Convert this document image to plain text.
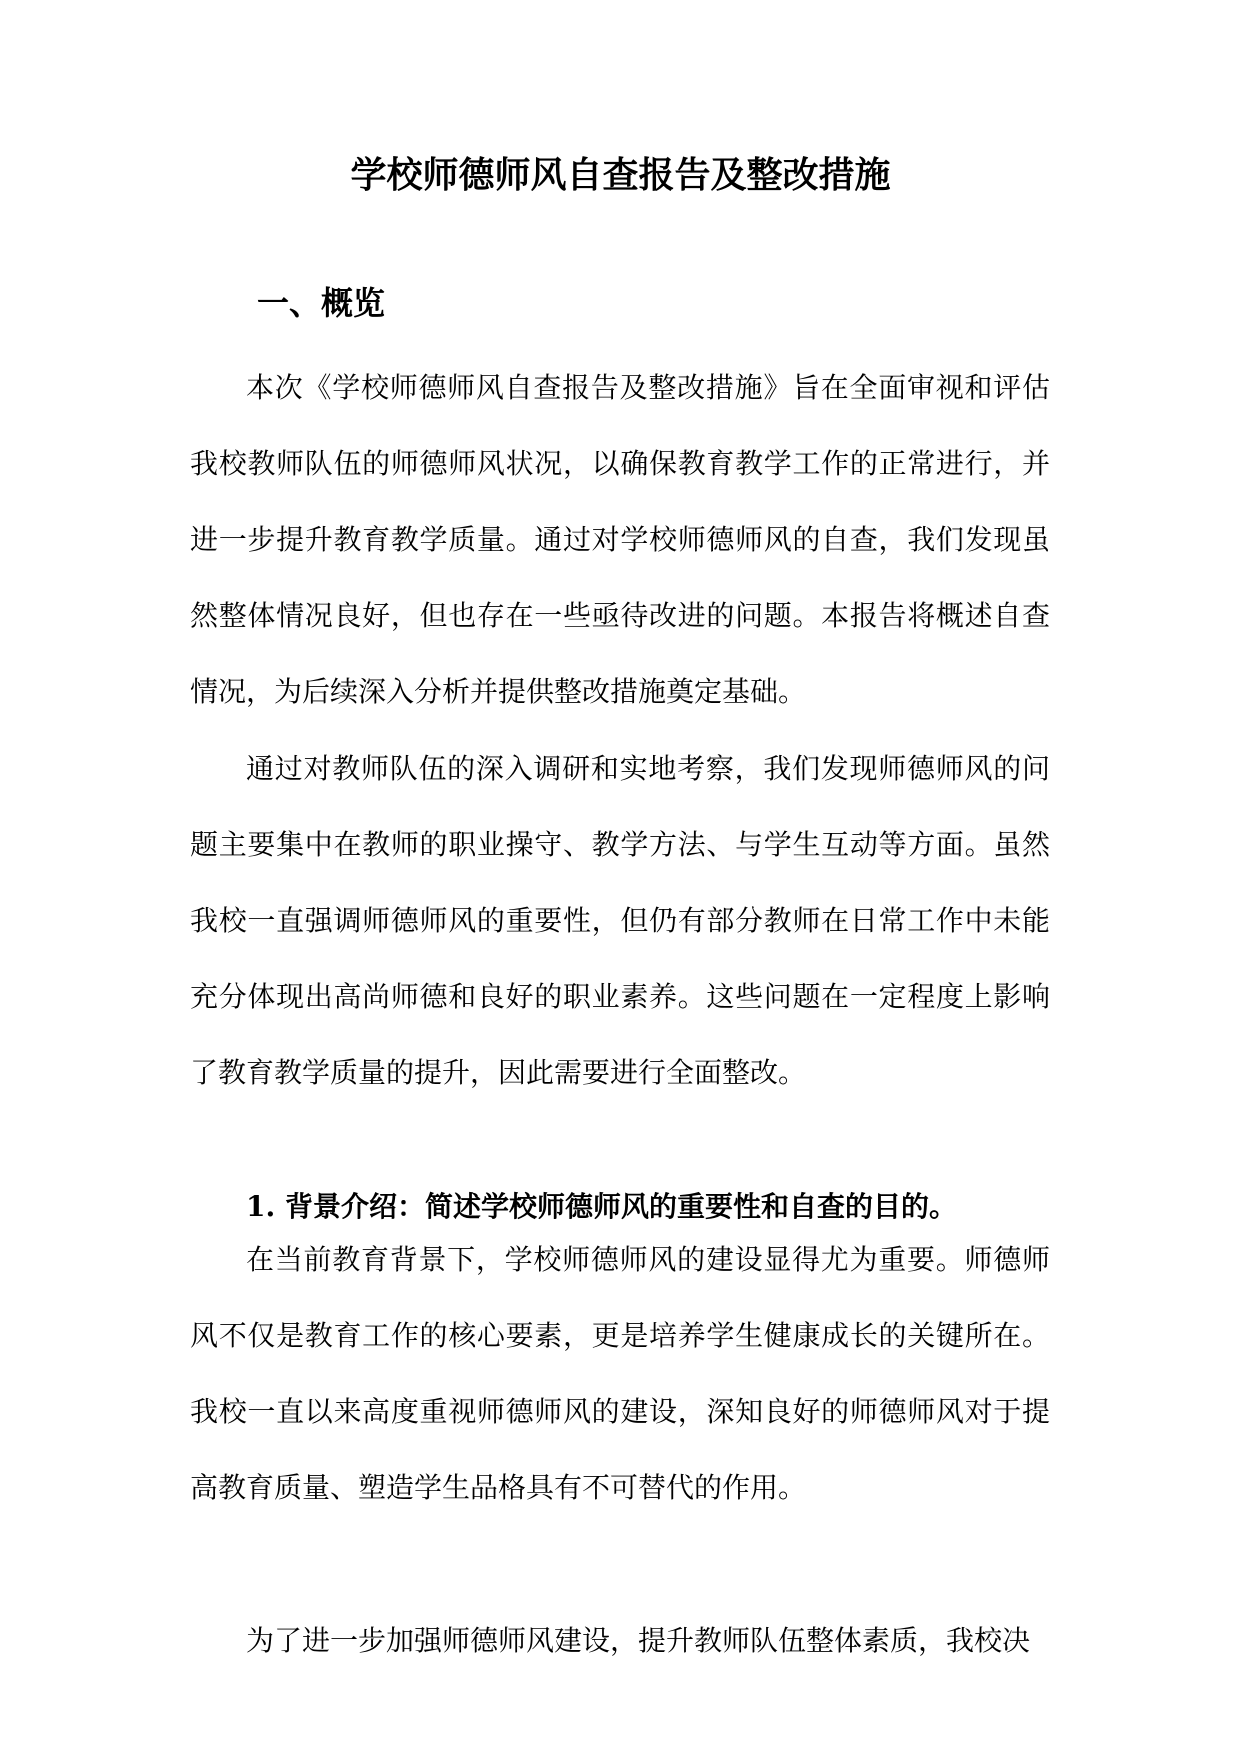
学校师德师风自查报告及整改措施
一、概览

本次《学校师德师风自查报告及整改措施》旨在全面审视和评估我校教师队伍的师德师风状况，以确保教育教学工作的正常进行，并进一步提升教育教学质量。通过对学校师德师风的自查，我们发现虽然整体情况良好，但也存在一些亟待改进的问题。本报告将概述自查情况，为后续深入分析并提供整改措施奠定基础。

通过对教师队伍的深入调研和实地考察，我们发现师德师风的问题主要集中在教师的职业操守、教学方法、与学生互动等方面。虽然我校一直强调师德师风的重要性，但仍有部分教师在日常工作中未能充分体现出高尚师德和良好的职业素养。这些问题在一定程度上影响了教育教学质量的提升，因此需要进行全面整改。

1. 背景介绍：简述学校师德师风的重要性和自查的目的。

在当前教育背景下，学校师德师风的建设显得尤为重要。师德师风不仅是教育工作的核心要素，更是培养学生健康成长的关键所在。我校一直以来高度重视师德师风的建设，深知良好的师德师风对于提高教育质量、塑造学生品格具有不可替代的作用。

为了进一步加强师德师风建设，提升教师队伍整体素质，我校决
